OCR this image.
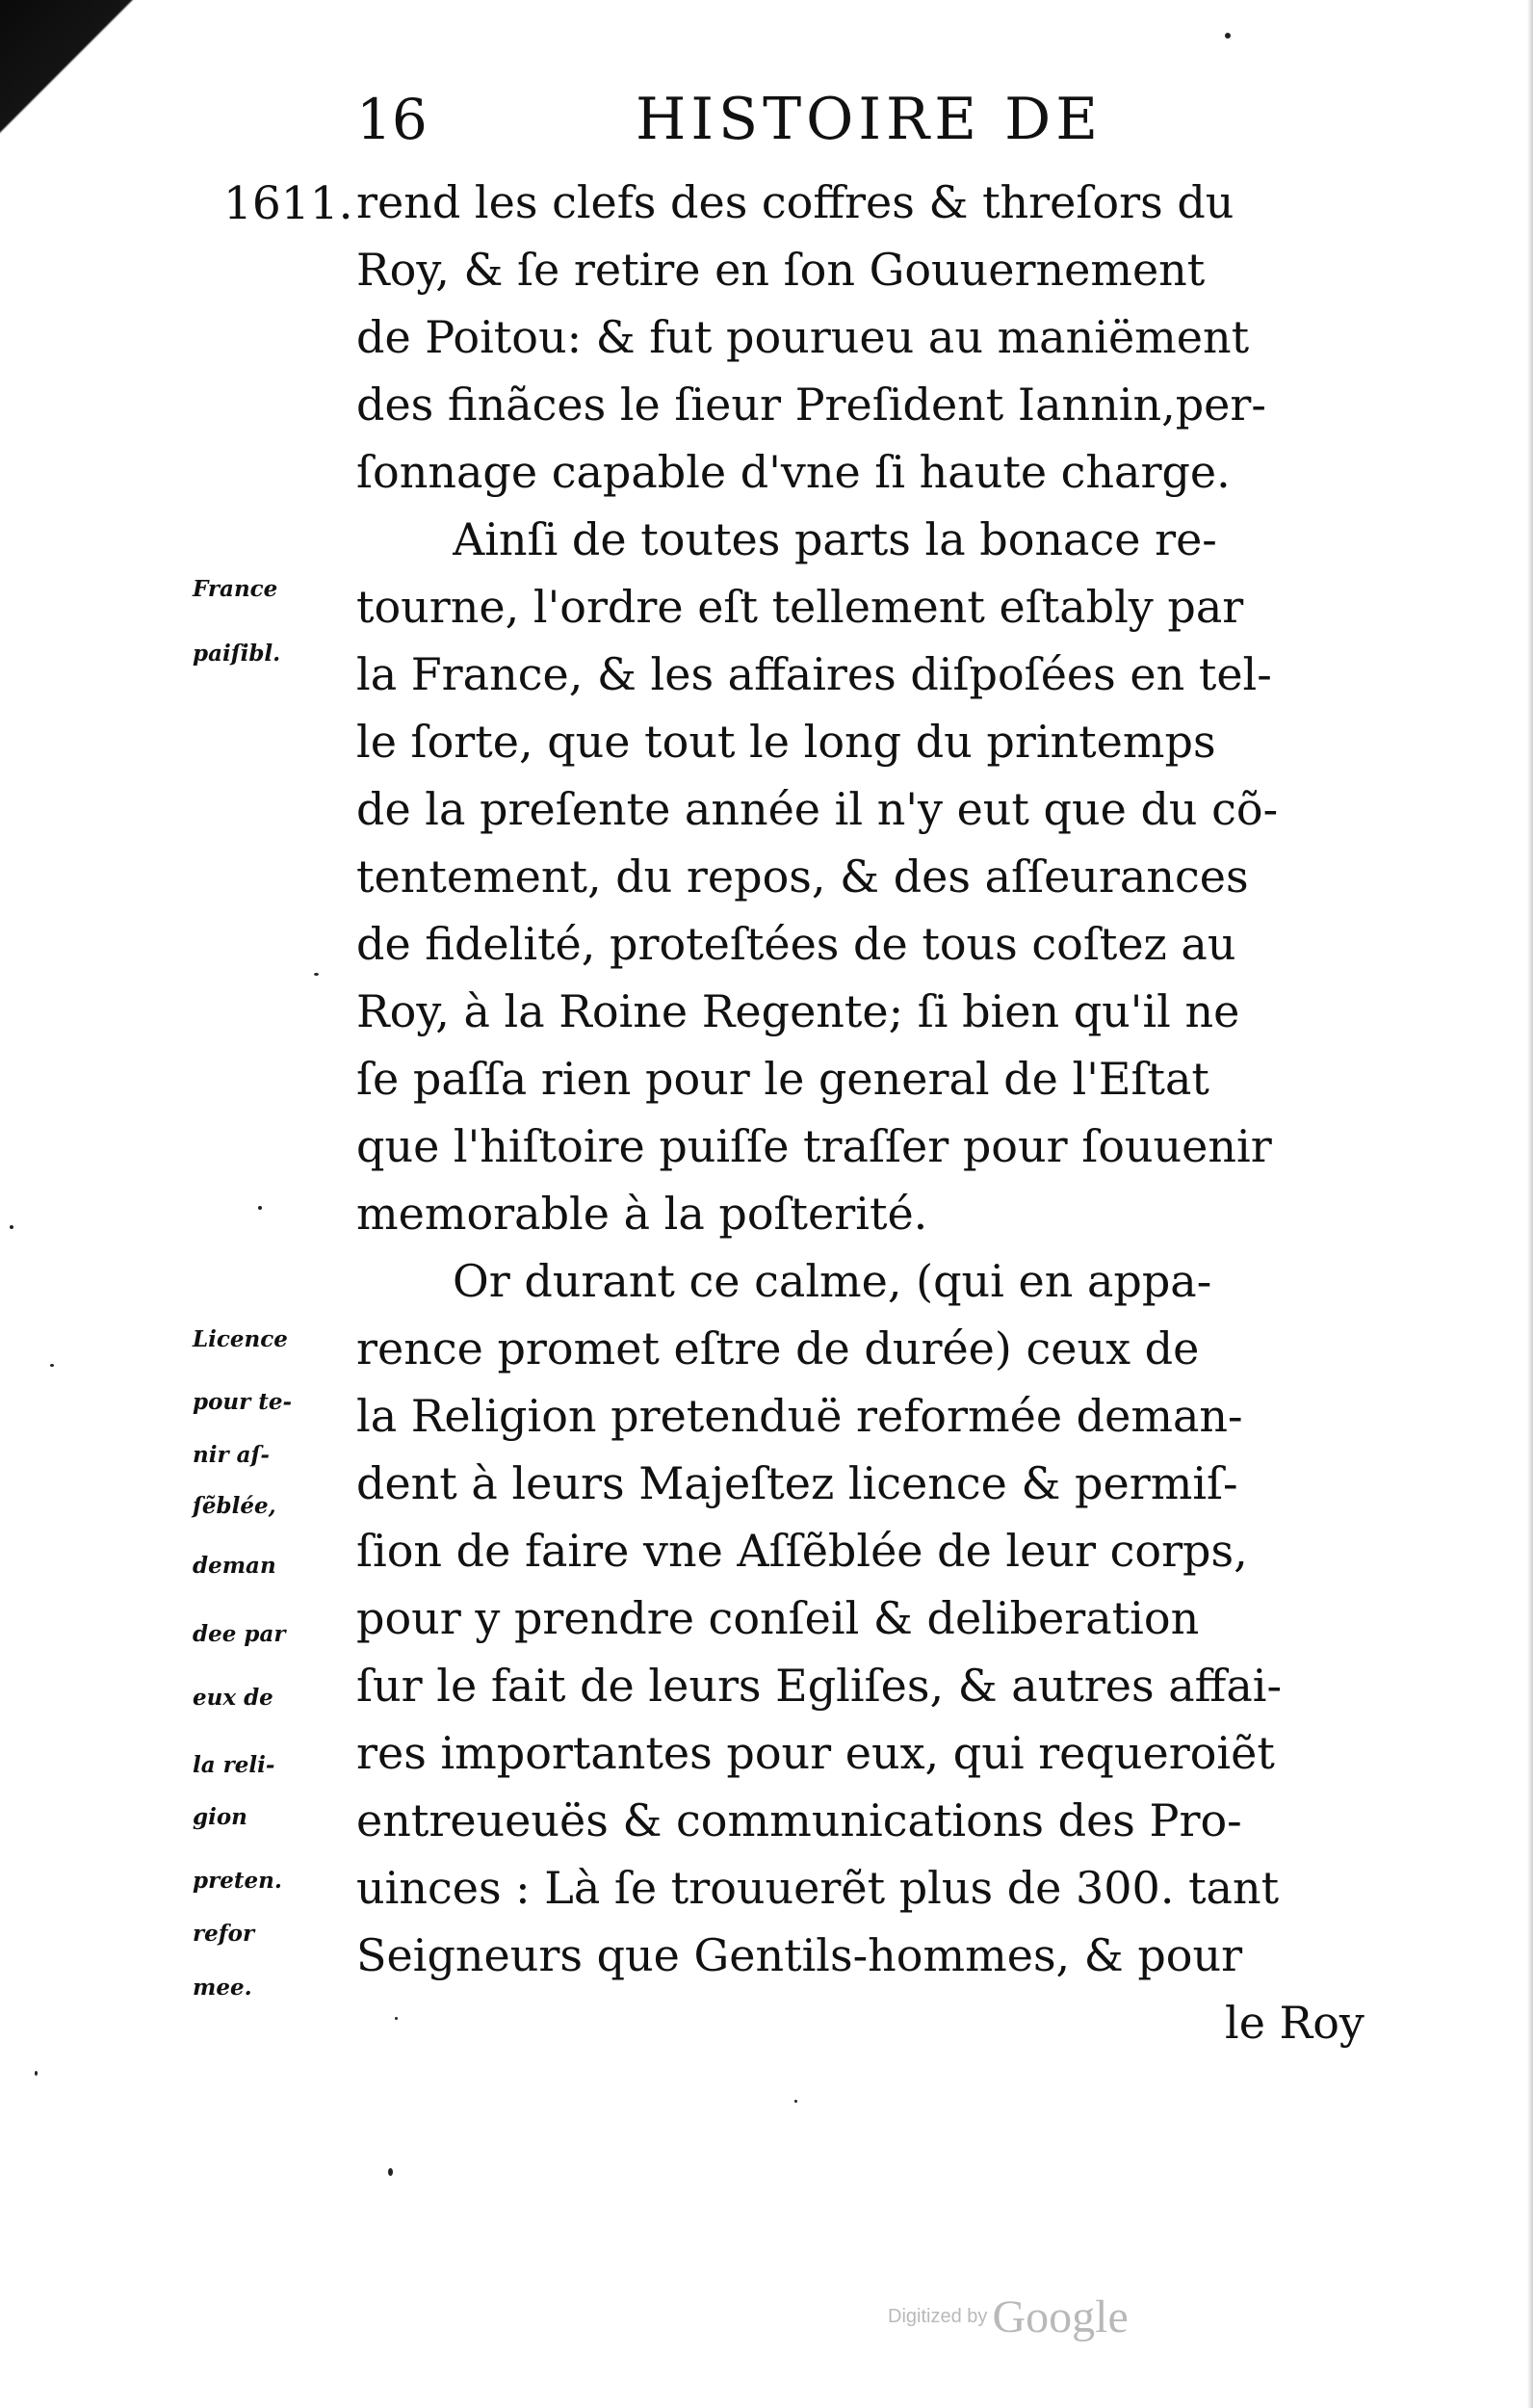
16	HISTOIRE DE
1611. rend les clefs des coffres & threſors du
Roy, & ſe retire en ſon Gouuernement
de Poitou: & fut pourueu au maniëment
des finãces le ſieur Preſident Iannin,per-
ſonnage capable d'vne ſi haute charge.
Ainſi de toutes parts la bonace re-
tourne, l'ordre eſt tellement eſtably par
la France, & les affaires diſpoſées en tel-
le ſorte, que tout le long du printemps
de la preſente année il n'y eut que du cõ-
tentement, du repos, & des aſſeurances
de fidelité, proteſtées de tous coſtez au
Roy, à la Roine Regente; ſi bien qu'il ne
ſe paſſa rien pour le general de l'Eſtat
que l'hiſtoire puiſſe traſſer pour ſouuenir
memorable à la poſterité.
Or durant ce calme, (qui en appa-
rence promet eſtre de durée) ceux de
la Religion pretenduë reformée deman-
dent à leurs Majeſtez licence & permiſ-
ſion de faire vne Aſſẽblée de leur corps,
pour y prendre conſeil & deliberation
ſur le fait de leurs Egliſes, & autres affai-
res importantes pour eux, qui requeroiẽt
entreueuës & communications des Pro-
uinces : Là ſe trouuerẽt plus de 300. tant
Seigneurs que Gentils-hommes, & pour
le Roy
France
paiſibl.
Licence
pour te-
nir aſ-
ſẽblée,
deman
dee par
eux de
la reli-
gion
preten.
refor
mee.
Digitized by Google
